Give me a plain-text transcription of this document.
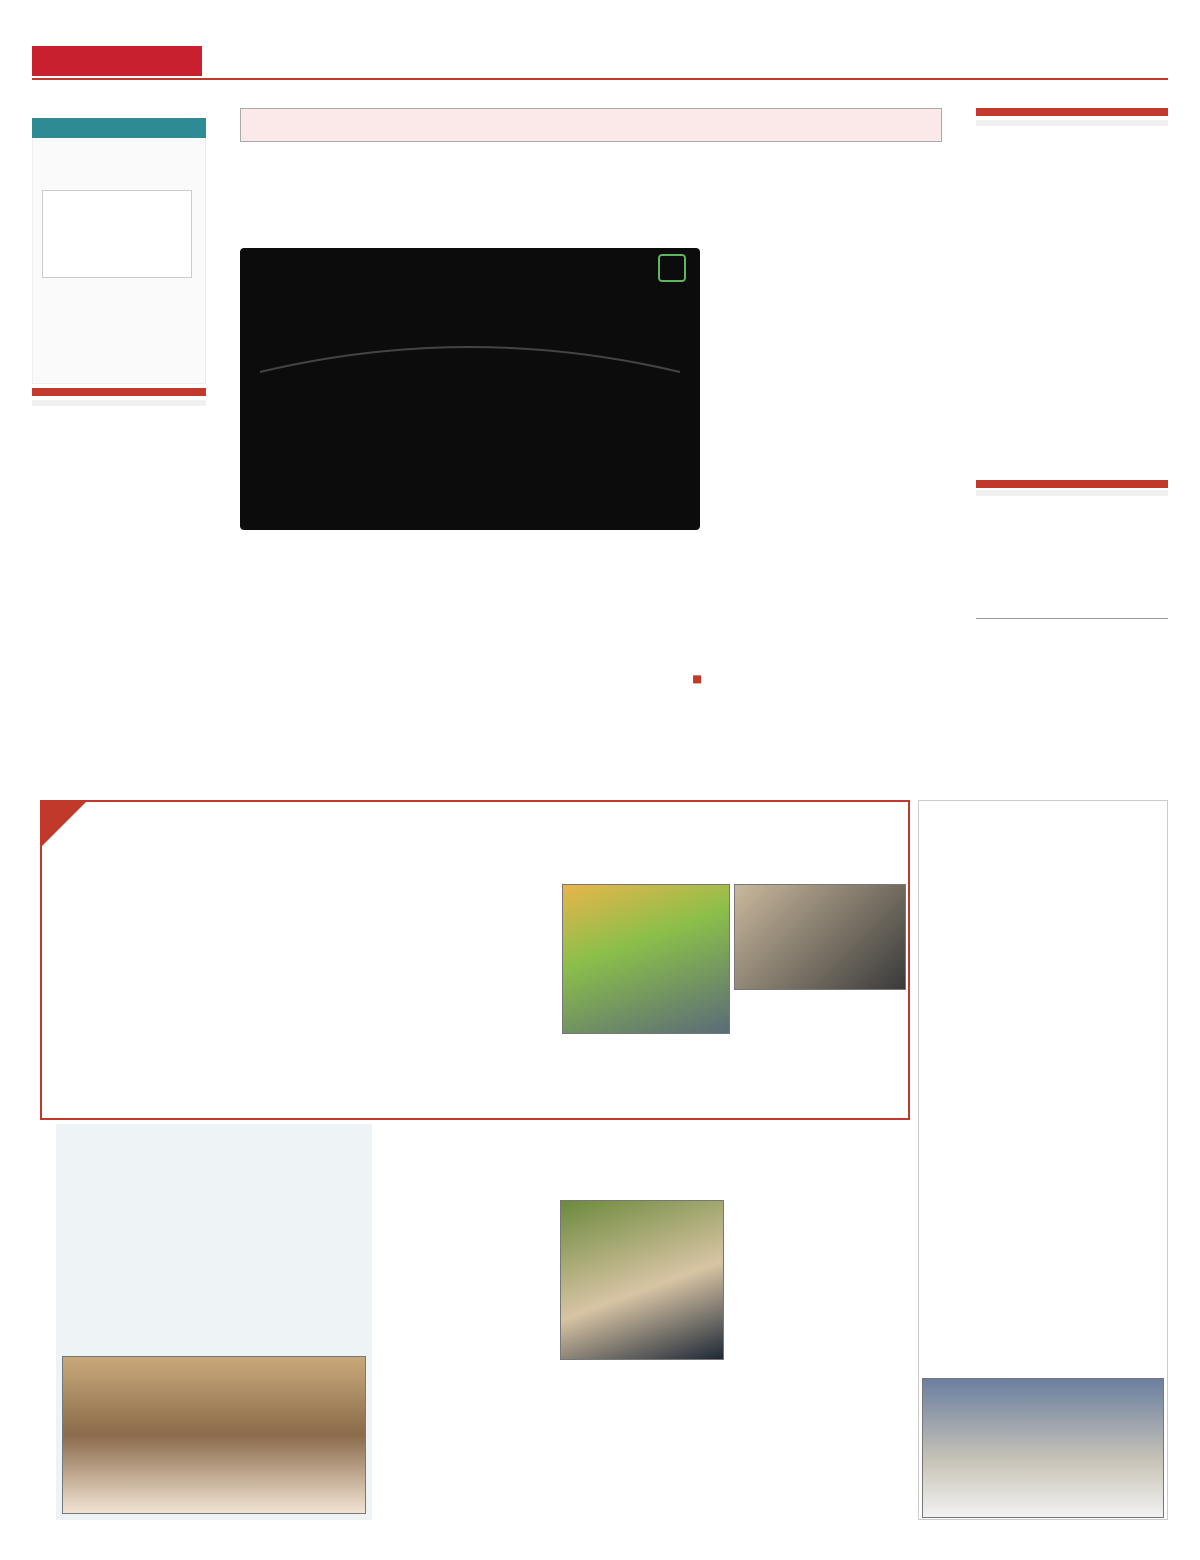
■
